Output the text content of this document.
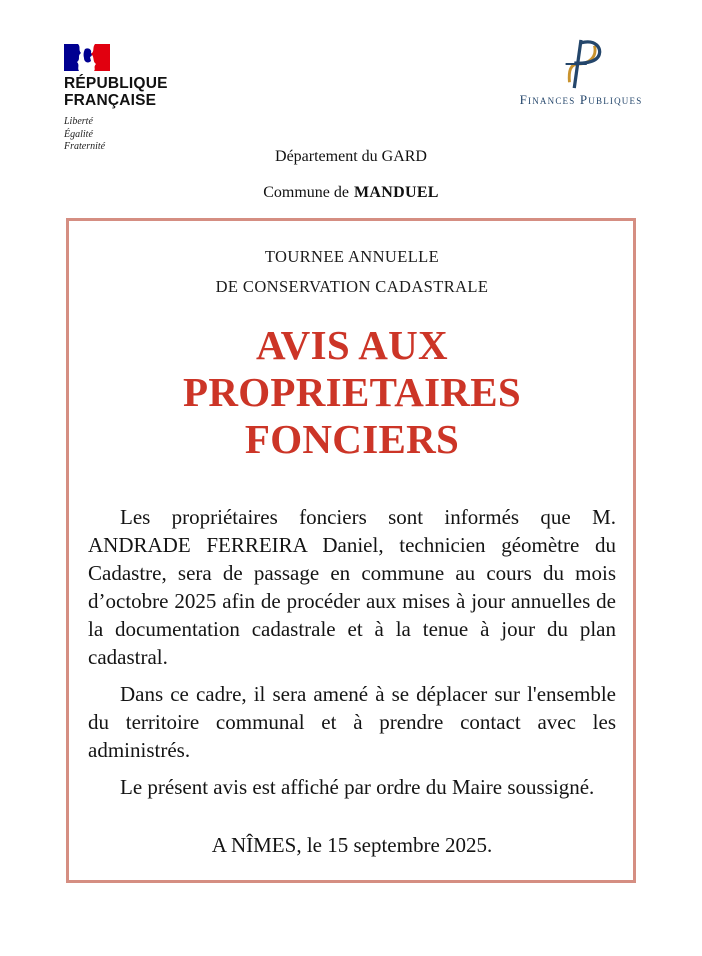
RÉPUBLIQUE
FRANÇAISE
Liberté
Égalité
Fraternité
Finances Publiques
Département du GARD
Commune de MANDUEL
TOURNEE ANNUELLE
DE CONSERVATION CADASTRALE
AVIS AUX
PROPRIETAIRES FONCIERS

Les propriétaires fonciers sont informés que M. ANDRADE FERREIRA Daniel, technicien géomètre du Cadastre, sera de passage en commune au cours du mois d’octobre 2025 afin de procéder aux mises à jour annuelles de la documentation cadastrale et à la tenue à jour du plan cadastral.

Dans ce cadre, il sera amené à se déplacer sur l'ensemble du territoire communal et à prendre contact avec les administrés.

Le présent avis est affiché par ordre du Maire soussigné.

A NÎMES, le 15 septembre 2025.
